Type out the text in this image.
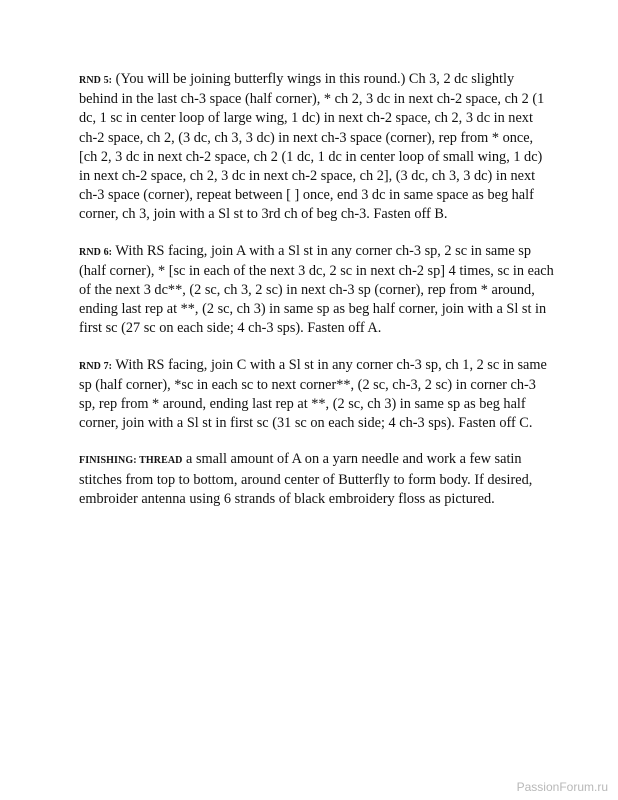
RND 5: (You will be joining butterfly wings in this round.) Ch 3, 2 dc slightly behind in the last ch-3 space (half corner), * ch 2, 3 dc in next ch-2 space, ch 2 (1 dc, 1 sc in center loop of large wing, 1 dc) in next ch-2 space, ch 2, 3 dc in next ch-2 space, ch 2, (3 dc, ch 3, 3 dc) in next ch-3 space (corner), rep from * once, [ch 2, 3 dc in next ch-2 space, ch 2 (1 dc, 1 dc in center loop of small wing, 1 dc) in next ch-2 space, ch 2, 3 dc in next ch-2 space, ch 2], (3 dc, ch 3, 3 dc) in next ch-3 space (corner), repeat between [ ] once, end 3 dc in same space as beg half corner, ch 3, join with a Sl st to 3rd ch of beg ch-3. Fasten off B.

RND 6: With RS facing, join A with a Sl st in any corner ch-3 sp, 2 sc in same sp (half corner), * [sc in each of the next 3 dc, 2 sc in next ch-2 sp] 4 times, sc in each of the next 3 dc**, (2 sc, ch 3, 2 sc) in next ch-3 sp (corner), rep from * around, ending last rep at **, (2 sc, ch 3) in same sp as beg half corner, join with a Sl st in first sc (27 sc on each side; 4 ch-3 sps). Fasten off A.

RND 7: With RS facing, join C with a Sl st in any corner ch-3 sp, ch 1, 2 sc in same sp (half corner), *sc in each sc to next corner**, (2 sc, ch-3, 2 sc) in corner ch-3 sp, rep from * around, ending last rep at **, (2 sc, ch 3) in same sp as beg half corner, join with a Sl st in first sc (31 sc on each side; 4 ch-3 sps). Fasten off C.

FINISHING: THREAD a small amount of A on a yarn needle and work a few satin stitches from top to bottom, around center of Butterfly to form body. If desired, embroider antenna using 6 strands of black embroidery floss as pictured.

PassionForum.ru
